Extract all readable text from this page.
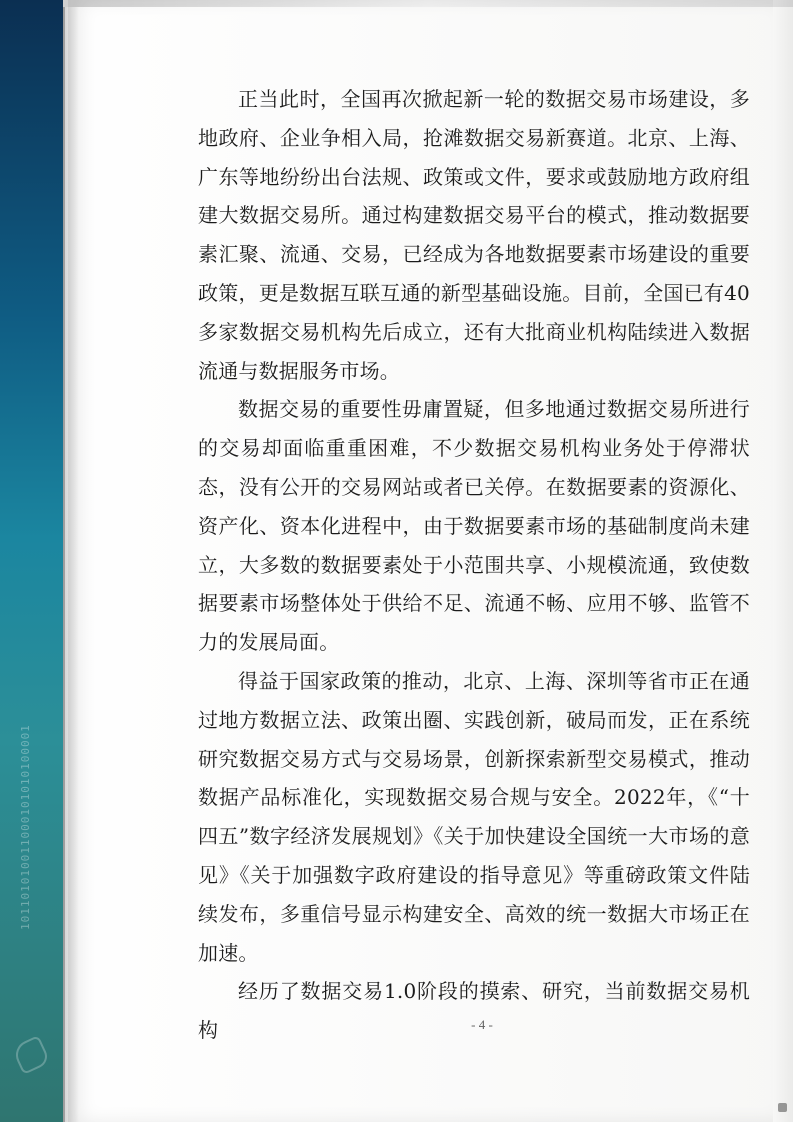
101101010011000101010100001

正当此时，全国再次掀起新一轮的数据交易市场建设，多地政府、企业争相入局，抢滩数据交易新赛道。北京、上海、广东等地纷纷出台法规、政策或文件，要求或鼓励地方政府组建大数据交易所。通过构建数据交易平台的模式，推动数据要素汇聚、流通、交易，已经成为各地数据要素市场建设的重要政策，更是数据互联互通的新型基础设施。目前，全国已有40多家数据交易机构先后成立，还有大批商业机构陆续进入数据流通与数据服务市场。

数据交易的重要性毋庸置疑，但多地通过数据交易所进行的交易却面临重重困难，不少数据交易机构业务处于停滞状态，没有公开的交易网站或者已关停。在数据要素的资源化、资产化、资本化进程中，由于数据要素市场的基础制度尚未建立，大多数的数据要素处于小范围共享、小规模流通，致使数据要素市场整体处于供给不足、流通不畅、应用不够、监管不力的发展局面。

得益于国家政策的推动，北京、上海、深圳等省市正在通过地方数据立法、政策出圈、实践创新，破局而发，正在系统研究数据交易方式与交易场景，创新探索新型交易模式，推动数据产品标准化，实现数据交易合规与安全。2022年，《“十四五”数字经济发展规划》《关于加快建设全国统一大市场的意见》《关于加强数字政府建设的指导意见》等重磅政策文件陆续发布，多重信号显示构建安全、高效的统一数据大市场正在加速。

经历了数据交易1.0阶段的摸索、研究，当前数据交易机构	- 4 -
